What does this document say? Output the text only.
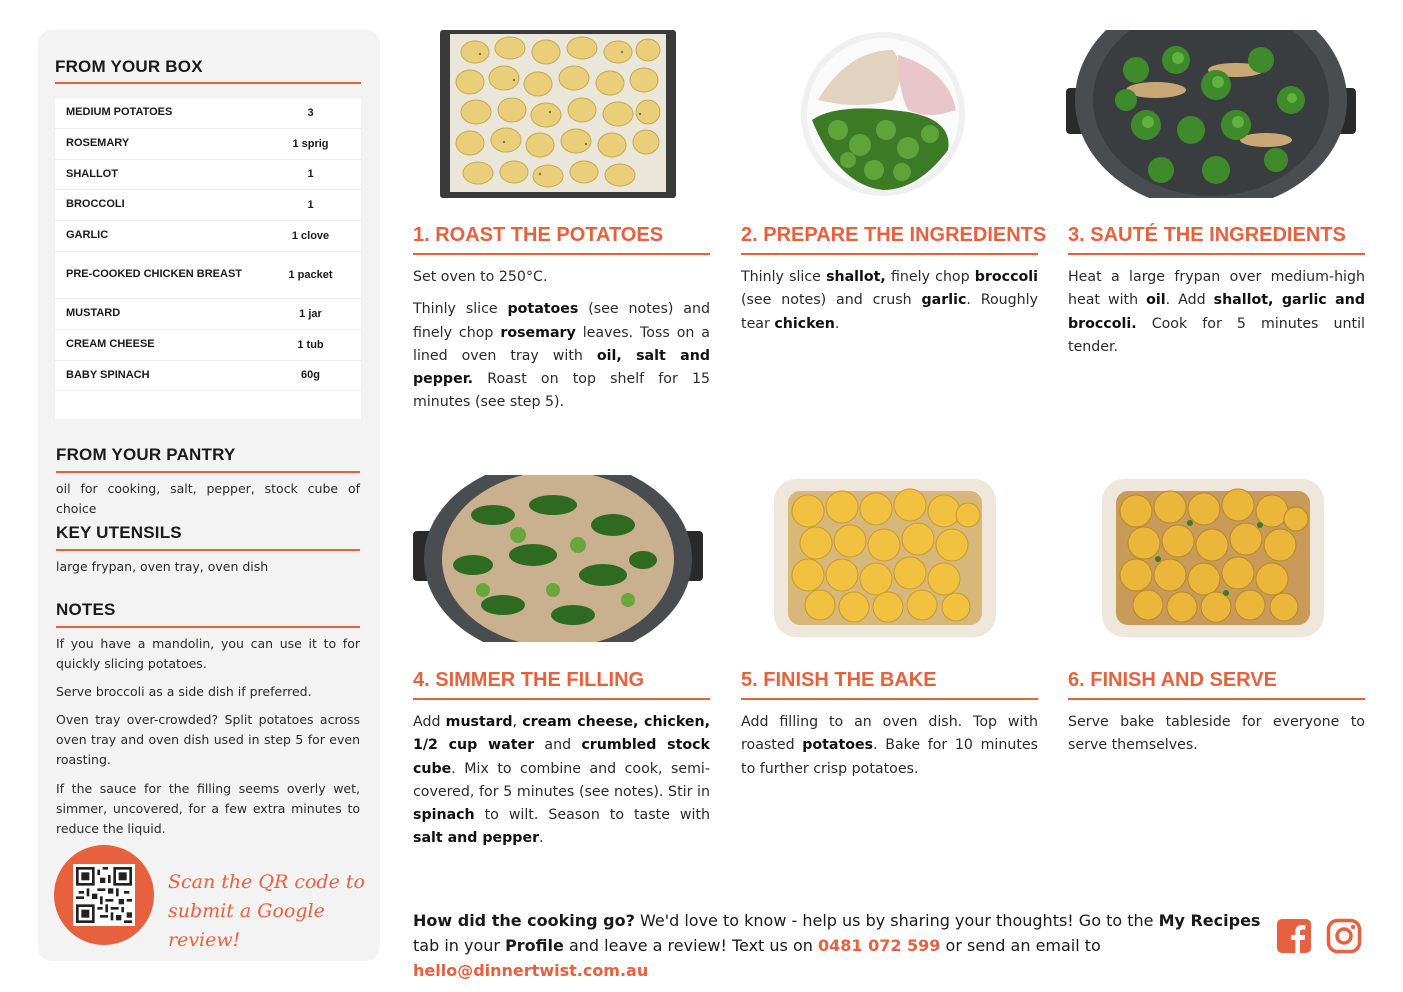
FROM YOUR BOX
MEDIUM POTATOES	3
ROSEMARY	1 sprig
SHALLOT	1
BROCCOLI	1
GARLIC	1 clove
PRE-COOKED CHICKEN BREAST	1 packet
MUSTARD	1 jar
CREAM CHEESE	1 tub
BABY SPINACH	60g
FROM YOUR PANTRY
oil for cooking, salt, pepper, stock cube of choice
KEY UTENSILS
large frypan, oven tray, oven dish
NOTES
If you have a mandolin, you can use it to for quickly slicing potatoes.
Serve broccoli as a side dish if preferred.
Oven tray over-crowded? Split potatoes across oven tray and oven dish used in step 5 for even roasting.
If the sauce for the filling seems overly wet, simmer, uncovered, for a few extra minutes to reduce the liquid.
Scan the QR code to
submit a Google review!
1. ROAST THE POTATOES

Set oven to 250°C.

Thinly slice potatoes (see notes) and finely chop rosemary leaves. Toss on a lined oven tray with oil, salt and pepper. Roast on top shelf for 15 minutes (see step 5).

2. PREPARE THE INGREDIENTS

Thinly slice shallot, finely chop broccoli (see notes) and crush garlic. Roughly tear chicken.

3. SAUTÉ THE INGREDIENTS

Heat a large frypan over medium-high heat with oil. Add shallot, garlic and broccoli. Cook for 5 minutes until tender.

4. SIMMER THE FILLING

Add mustard, cream cheese, chicken, 1/2 cup water and crumbled stock cube. Mix to combine and cook, semi-covered, for 5 minutes (see notes). Stir in spinach to wilt. Season to taste with salt and pepper.

5. FINISH THE BAKE

Add filling to an oven dish. Top with roasted potatoes. Bake for 10 minutes to further crisp potatoes.

6. FINISH AND SERVE

Serve bake tableside for everyone to serve themselves.

How did the cooking go? We'd love to know - help us by sharing your thoughts! Go to the My Recipes tab in your Profile and leave a review! Text us on 0481 072 599 or send an email to hello@dinnertwist.com.au
